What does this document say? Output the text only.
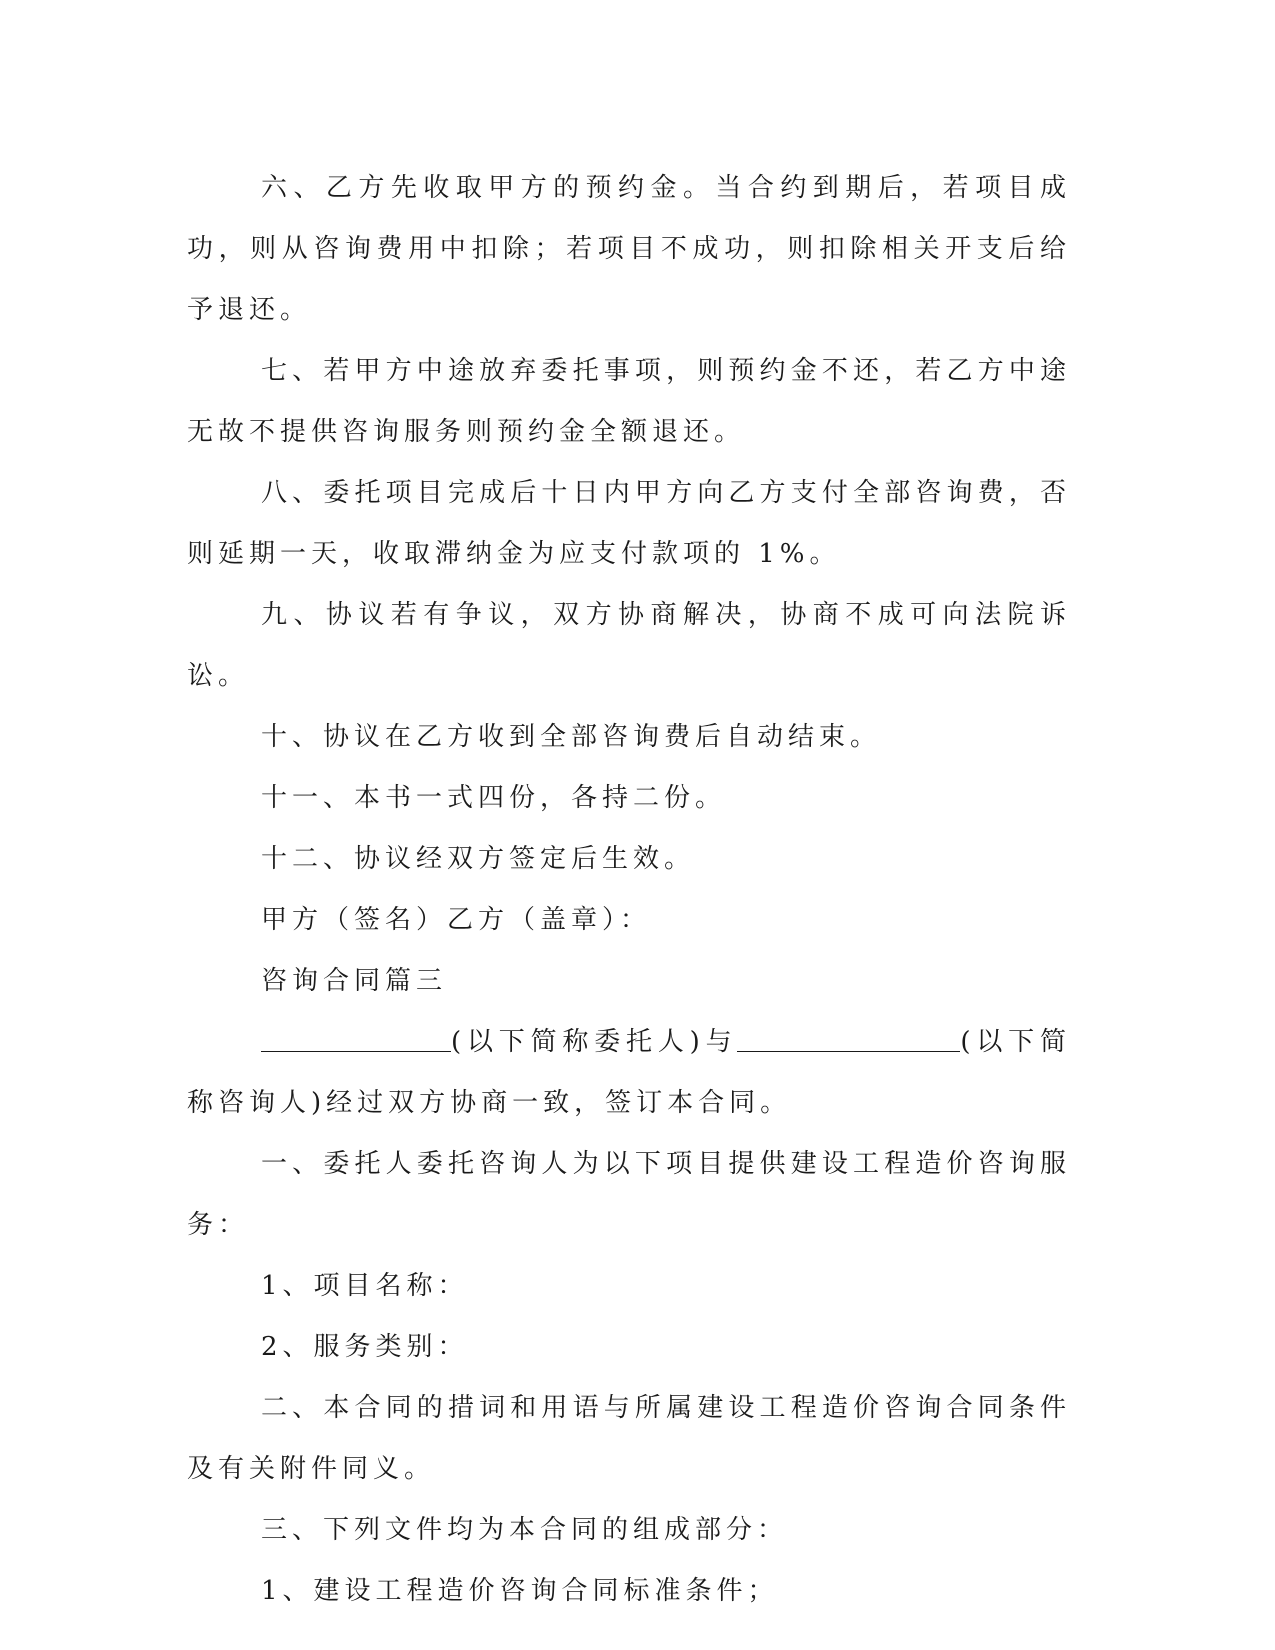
六、乙方先收取甲方的预约金。当合约到期后，若项目成功，则从咨询费用中扣除；若项目不成功，则扣除相关开支后给予退还。

七、若甲方中途放弃委托事项，则预约金不还，若乙方中途无故不提供咨询服务则预约金全额退还。

八、委托项目完成后十日内甲方向乙方支付全部咨询费，否则延期一天，收取滞纳金为应支付款项的 1%。

九、协议若有争议，双方协商解决，协商不成可向法院诉讼。

十、协议在乙方收到全部咨询费后自动结束。

十一、本书一式四份，各持二份。

十二、协议经双方签定后生效。

甲方（签名）乙方（盖章）：

咨询合同篇三

(以下简称委托人)与	(以下简称咨询人)经过双方协商一致，签订本合同。

一、委托人委托咨询人为以下项目提供建设工程造价咨询服务：

1、项目名称：

2、服务类别：

二、本合同的措词和用语与所属建设工程造价咨询合同条件及有关附件同义。

三、下列文件均为本合同的组成部分：

1、建设工程造价咨询合同标准条件；
